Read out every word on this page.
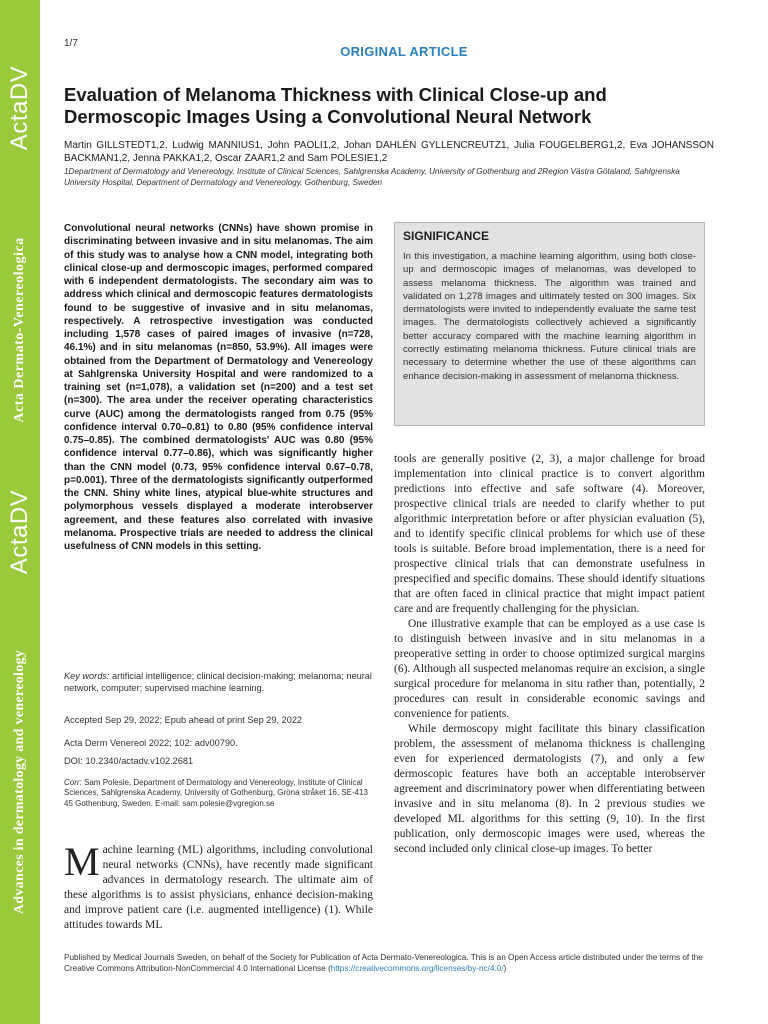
ActaDV
Acta Dermato-Venereologica
ActaDV
Advances in dermatology and venereology
1/7
ORIGINAL ARTICLE
Evaluation of Melanoma Thickness with Clinical Close-up and Dermoscopic Images Using a Convolutional Neural Network
Martin GILLSTEDT1,2, Ludwig MANNIUS1, John PAOLI1,2, Johan DAHLÉN GYLLENCREUTZ1, Julia FOUGELBERG1,2, Eva JOHANSSON BACKMAN1,2, Jenna PAKKA1,2, Oscar ZAAR1,2 and Sam POLESIE1,2
1Department of Dermatology and Venereology, Institute of Clinical Sciences, Sahlgrenska Academy, University of Gothenburg and 2Region Västra Götaland, Sahlgrenska University Hospital, Department of Dermatology and Venereology, Gothenburg, Sweden

Convolutional neural networks (CNNs) have shown promise in discriminating between invasive and in situ melanomas. The aim of this study was to analyse how a CNN model, integrating both clinical close-up and dermoscopic images, performed compared with 6 independent dermatologists. The secondary aim was to address which clinical and dermoscopic features dermatologists found to be suggestive of invasive and in situ melanomas, respectively. A retrospective investigation was conducted including 1,578 cases of paired images of invasive (n=728, 46.1%) and in situ melanomas (n=850, 53.9%). All images were obtained from the Department of Dermatology and Venereology at Sahlgrenska University Hospital and were randomized to a training set (n=1,078), a validation set (n=200) and a test set (n=300). The area under the receiver operating characteristics curve (AUC) among the dermatologists ranged from 0.75 (95% confidence interval 0.70–0.81) to 0.80 (95% confidence interval 0.75–0.85). The combined dermatologists' AUC was 0.80 (95% confidence interval 0.77–0.86), which was significantly higher than the CNN model (0.73, 95% confidence interval 0.67–0.78, p=0.001). Three of the dermatologists significantly outperformed the CNN. Shiny white lines, atypical blue-white structures and polymorphous vessels displayed a moderate interobserver agreement, and these features also correlated with invasive melanoma. Prospective trials are needed to address the clinical usefulness of CNN models in this setting.

Key words: artificial intelligence; clinical decision-making; melanoma; neural network, computer; supervised machine learning.
Accepted Sep 29, 2022; Epub ahead of print Sep 29, 2022
Acta Derm Venereol 2022; 102: adv00790.
DOI: 10.2340/actadv.v102.2681
Corr: Sam Polesie, Department of Dermatology and Venereology, Institute of Clinical Sciences, Sahlgrenska Academy, University of Gothenburg, Gröna stråket 16, SE-413 45 Gothenburg, Sweden. E-mail: sam.polesie@vgregion.se
SIGNIFICANCE
In this investigation, a machine learning algorithm, using both close-up and dermoscopic images of melanomas, was developed to assess melanoma thickness. The algorithm was trained and validated on 1,278 images and ultimately tested on 300 images. Six dermatologists were invited to independently evaluate the same test images. The dermatologists collectively achieved a significantly better accuracy compared with the machine learning algorithm in correctly estimating melanoma thickness. Future clinical trials are necessary to determine whether the use of these algorithms can enhance decision-making in assessment of melanoma thickness.
Machine learning (ML) algorithms, including convolutional neural networks (CNNs), have recently made significant advances in dermatology research. The ultimate aim of these algorithms is to assist physicians, enhance decision-making and improve patient care (i.e. augmented intelligence) (1). While attitudes towards ML

tools are generally positive (2, 3), a major challenge for broad implementation into clinical practice is to convert algorithm predictions into effective and safe software (4). Moreover, prospective clinical trials are needed to clarify whether to put algorithmic interpretation before or after physician evaluation (5), and to identify specific clinical problems for which use of these tools is suitable. Before broad implementation, there is a need for prospective clinical trials that can demonstrate usefulness in prespecified and specific domains. These should identify situations that are often faced in clinical practice that might impact patient care and are frequently challenging for the physician.

One illustrative example that can be employed as a use case is to distinguish between invasive and in situ melanomas in a preoperative setting in order to choose optimized surgical margins (6). Although all suspected melanomas require an excision, a single surgical procedure for melanoma in situ rather than, potentially, 2 procedures can result in considerable economic savings and convenience for patients.

While dermoscopy might facilitate this binary classification problem, the assessment of melanoma thickness is challenging even for experienced dermatologists (7), and only a few dermoscopic features have both an acceptable interobserver agreement and discriminatory power when differentiating between invasive and in situ melanoma (8). In 2 previous studies we developed ML algorithms for this setting (9, 10). In the first publication, only dermoscopic images were used, whereas the second included only clinical close-up images. To better

Published by Medical Journals Sweden, on behalf of the Society for Publication of Acta Dermato-Venereologica. This is an Open Access article distributed under the terms of the Creative Commons Attribution-NonCommercial 4.0 International License (https://creativecommons.org/licenses/by-nc/4.0/)
